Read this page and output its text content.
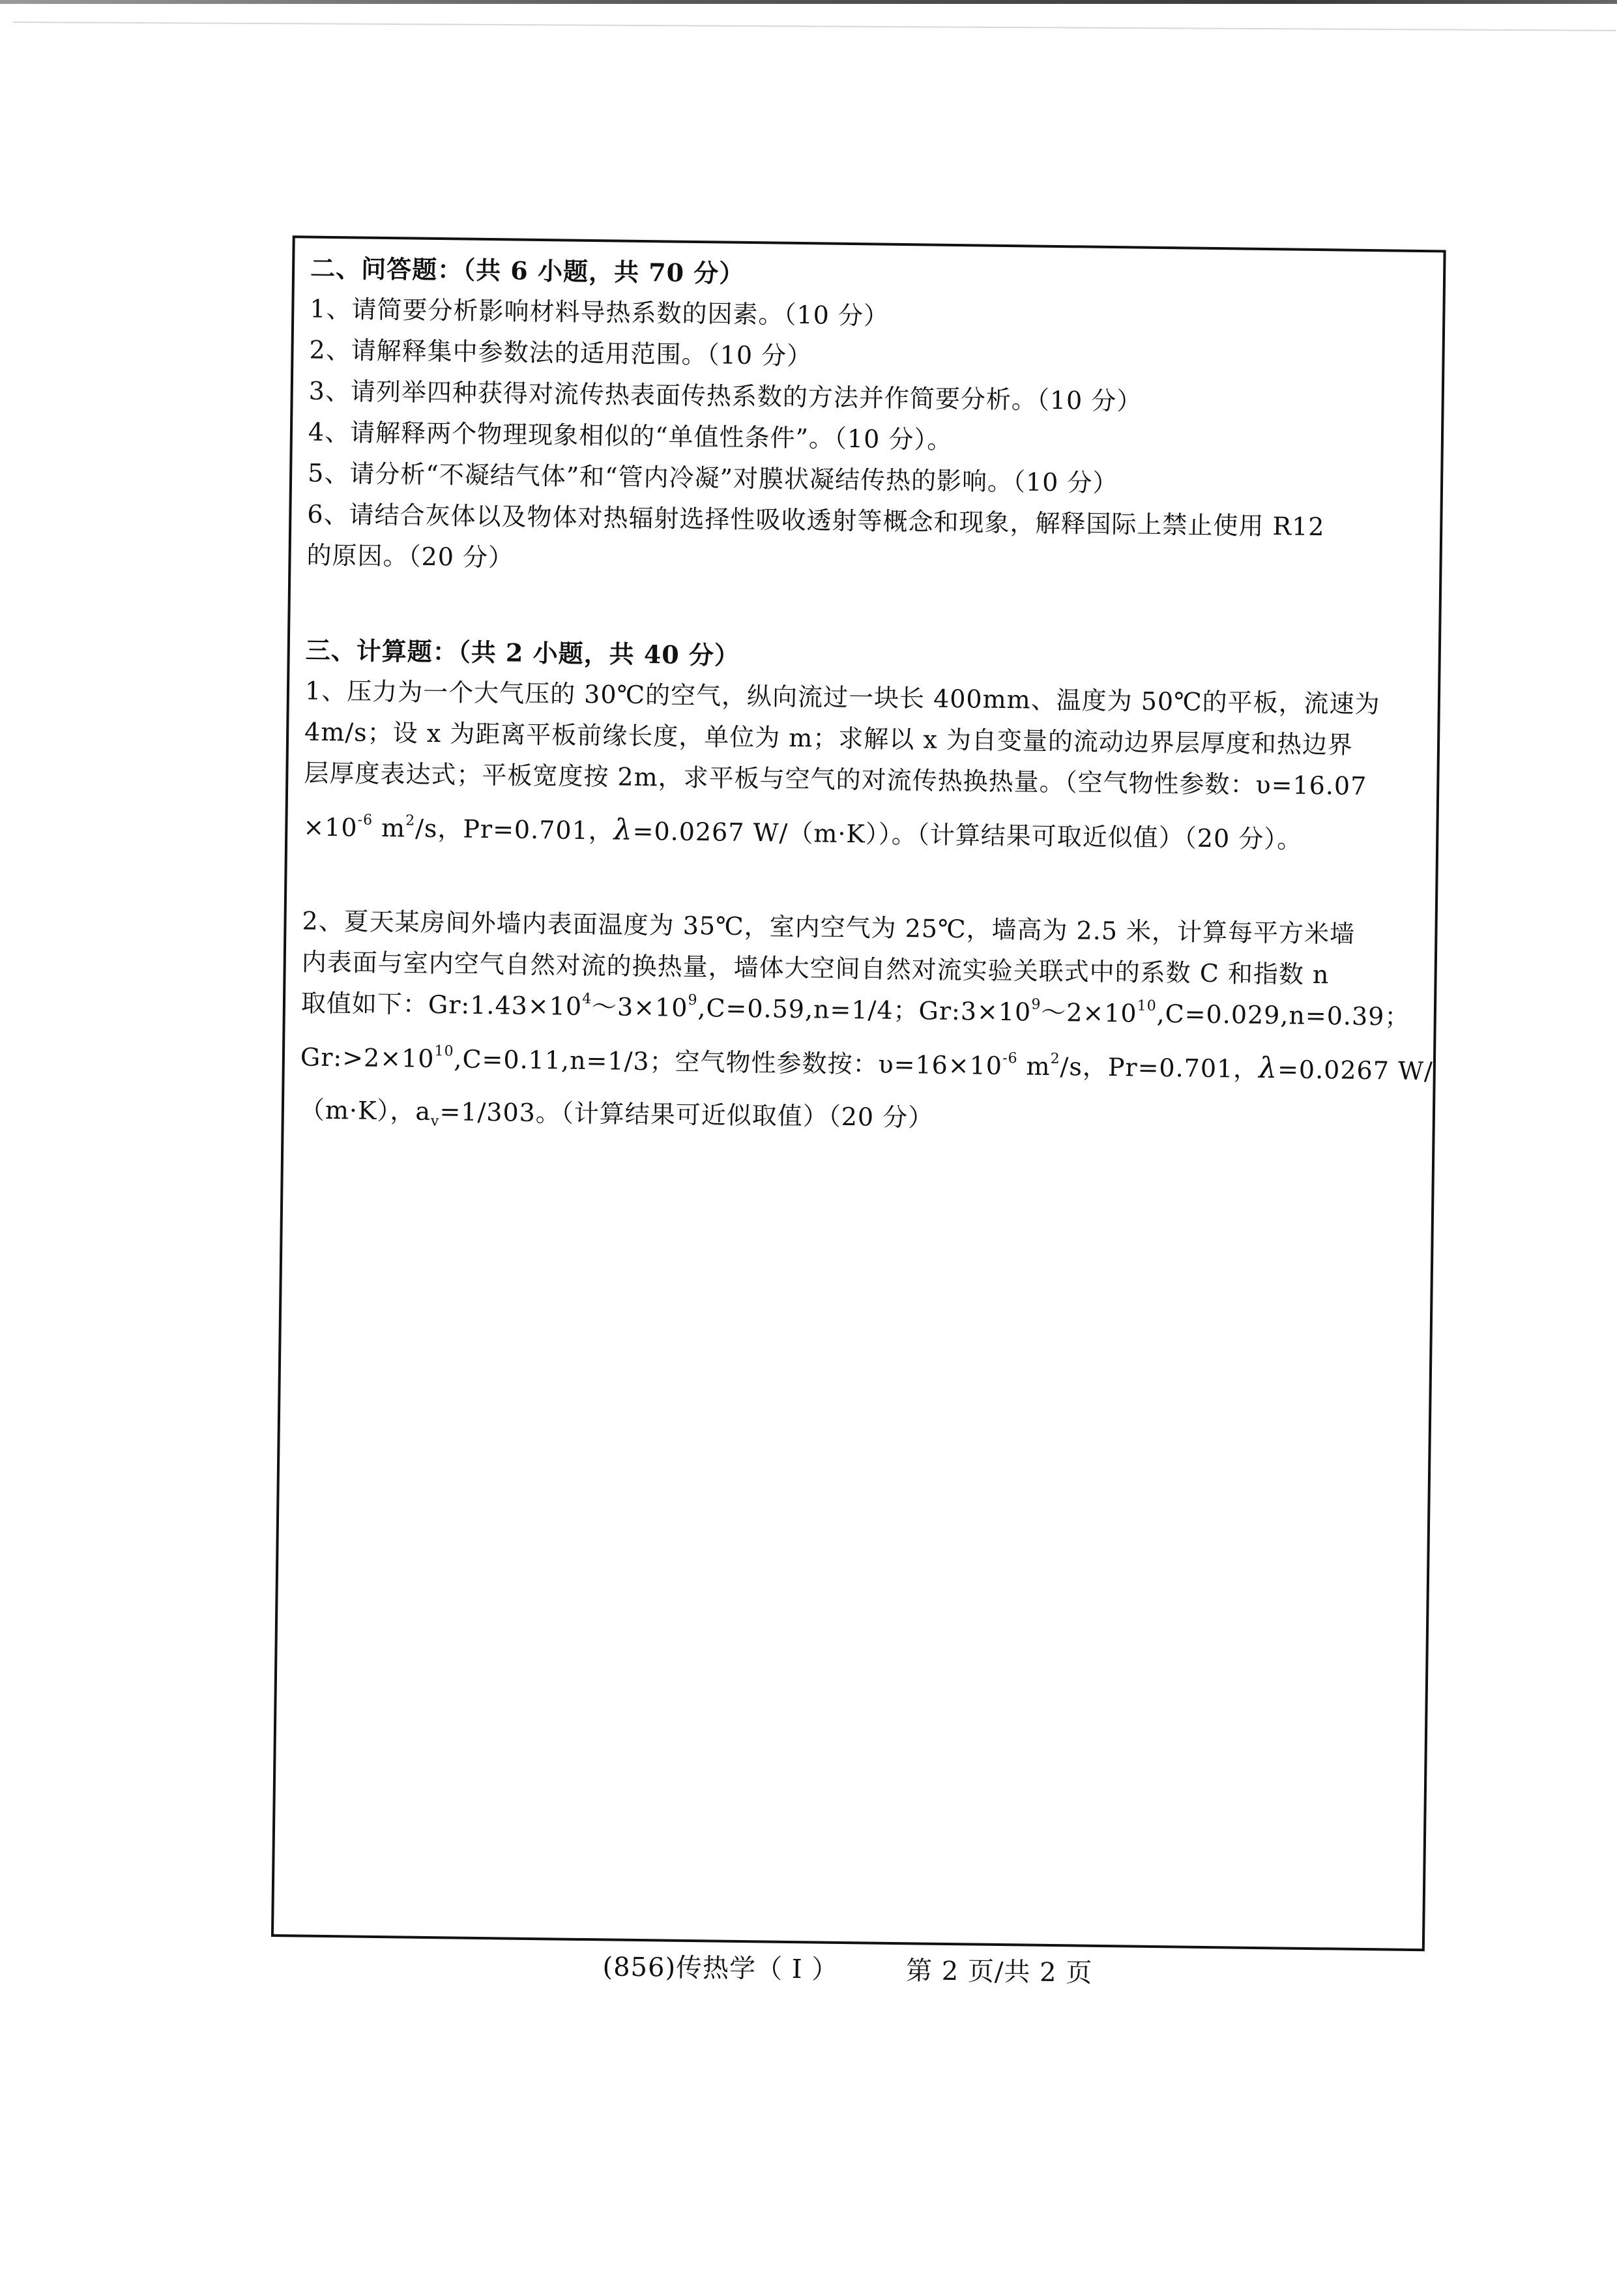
二、问答题：（共 6 小题，共 70 分）
1、请简要分析影响材料导热系数的因素。（10 分）
2、请解释集中参数法的适用范围。（10 分）
3、请列举四种获得对流传热表面传热系数的方法并作简要分析。（10 分）
4、请解释两个物理现象相似的“单值性条件”。（10 分）。
5、请分析“不凝结气体”和“管内冷凝”对膜状凝结传热的影响。（10 分）
6、请结合灰体以及物体对热辐射选择性吸收透射等概念和现象，解释国际上禁止使用 R12
的原因。（20 分）
三、计算题：（共 2 小题，共 40 分）
1、压力为一个大气压的 30℃的空气，纵向流过一块长 400mm、温度为 50℃的平板，流速为
4m/s；设 x 为距离平板前缘长度，单位为 m；求解以 x 为自变量的流动边界层厚度和热边界
层厚度表达式；平板宽度按 2m，求平板与空气的对流传热换热量。（空气物性参数：υ=16.07
$\times 10^{-6}$ $m^2/s$，Pr=0.701，λ=0.0267 W/（m·K））。（计算结果可取近似值）（20 分）。
2、夏天某房间外墙内表面温度为 35℃，室内空气为 25℃，墙高为 2.5 米，计算每平方米墙
内表面与室内空气自然对流的换热量，墙体大空间自然对流实验关联式中的系数 C 和指数 n
取值如下：$Gr:1.43\times 10^4\sim 3\times 10^9,C=0.59,n=1/4$；$Gr:3\times 10^9\sim 2\times 10^{10},C=0.029,n=0.39$；
$Gr:>2\times 10^{10},C=0.11,n=1/3$；空气物性参数按：$\upsilon=16\times 10^{-6}$ $m^2/s$，Pr=0.701，λ=0.0267 W/
（m·K），$a_v=1/303$。（计算结果可近似取值）（20 分）
(856)传热学（ I ）	第 2 页/共 2 页
